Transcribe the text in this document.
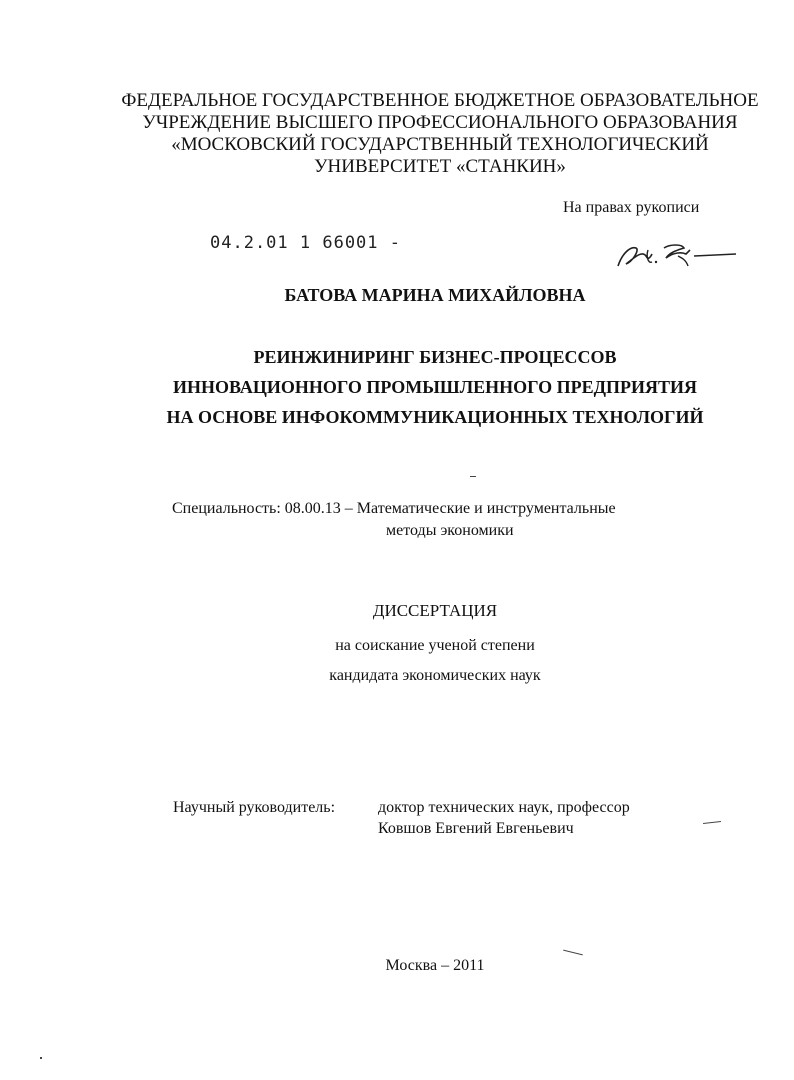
ФЕДЕРАЛЬНОЕ ГОСУДАРСТВЕННОЕ БЮДЖЕТНОЕ ОБРАЗОВАТЕЛЬНОЕ
УЧРЕЖДЕНИЕ ВЫСШЕГО ПРОФЕССИОНАЛЬНОГО ОБРАЗОВАНИЯ
«МОСКОВСКИЙ ГОСУДАРСТВЕННЫЙ ТЕХНОЛОГИЧЕСКИЙ
УНИВЕРСИТЕТ «СТАНКИН»
На правах рукописи
04.2.01 1 66001 -
БАТОВА МАРИНА МИХАЙЛОВНА
РЕИНЖИНИРИНГ БИЗНЕС-ПРОЦЕССОВ
ИННОВАЦИОННОГО ПРОМЫШЛЕННОГО ПРЕДПРИЯТИЯ
НА ОСНОВЕ ИНФОКОММУНИКАЦИОННЫХ ТЕХНОЛОГИЙ
Специальность: 08.00.13 – Математические и инструментальные
методы экономики
ДИССЕРТАЦИЯ
на соискание ученой степени
кандидата экономических наук
Научный руководитель:	доктор технических наук, профессор
Ковшов Евгений Евгеньевич
Москва – 2011
